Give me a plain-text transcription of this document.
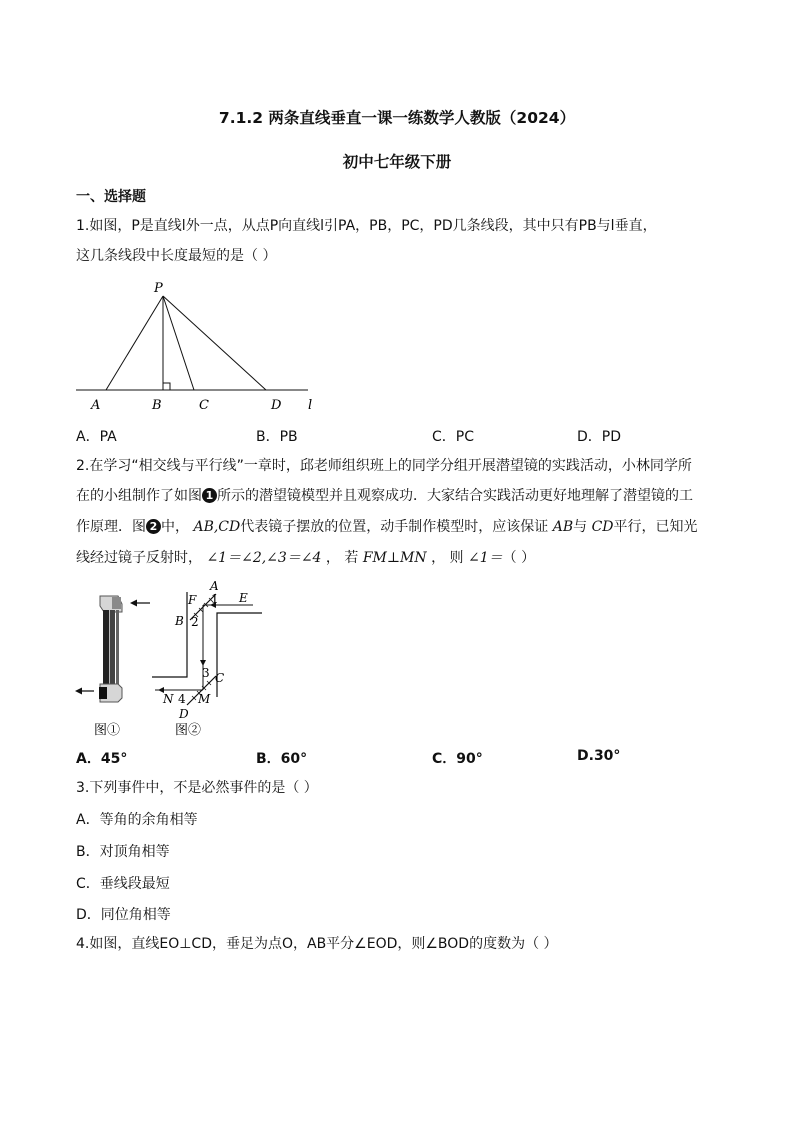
7.1.2 两条直线垂直一课一练数学人教版（2024）
初中七年级下册
一、选择题
1.如图，P是直线l外一点，从点P向直线l引PA，PB，PC，PD几条线段，其中只有PB与l垂直，
这几条线段中长度最短的是（ ）
P
A	B	C	D l
A．PA	B．PB	C．PC	D．PD
2.在学习“相交线与平行线”一章时，邱老师组织班上的同学分组开展潜望镜的实践活动，小林同学所
在的小组制作了如图 1 所示的潜望镜模型并且观察成功．大家结合实践活动更好地理解了潜望镜的工
作原理．图 2 中， AB,CD代表镜子摆放的位置，动手制作模型时，应该保证 AB与 CD平行，已知光
线经过镜子反射时， ∠1＝∠2,∠3＝∠4 ， 若 FM⊥MN ， 则 ∠1＝（ ）
图①
A
E
F 1
B 2
3 C
N 4 M
D
图②
A．45°	B．60°	C．90°	D.30°
3.下列事件中，不是必然事件的是（ ）
A．等角的余角相等
B．对顶角相等
C．垂线段最短
D．同位角相等
4.如图，直线EO⊥CD，垂足为点O，AB平分∠EOD，则∠BOD的度数为（ ）
